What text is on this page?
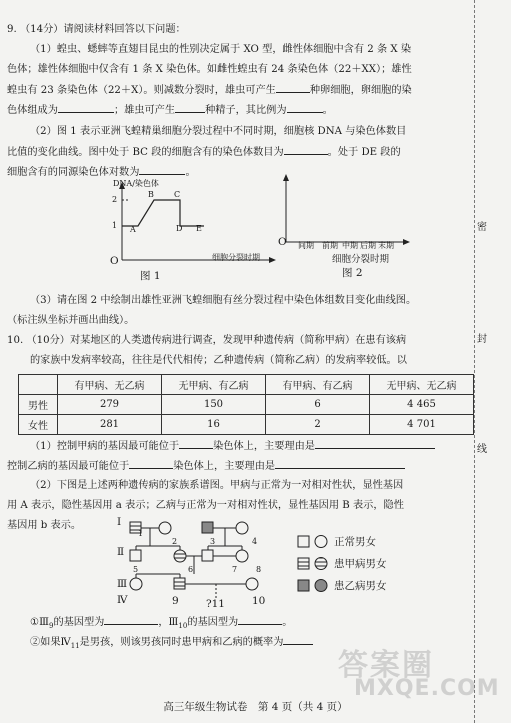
密
封
线
9. （14分）请阅读材料回答以下问题：
（1）蝗虫、蟋蟀等直翅目昆虫的性别决定属于 XO 型，雌性体细胞中含有 2 条 X 染
色体；雄性体细胞中仅含有 1 条 X 染色体。如雌性蝗虫有 24 条染色体（22＋XX）；雄性
蝗虫有 23 条染色体（22＋X）。则减数分裂时，雄虫可产生	种卵细胞，卵细胞的染
色体组成为	；雄虫可产生	种精子，其比例为	。
（2）图 1 表示亚洲飞蝗精巢细胞分裂过程中不同时期，细胞核 DNA 与染色体数目
比值的变化曲线。图中处于 BC 段的细胞含有的染色体数目为	。处于 DE 段的
细胞含有的同源染色体对数为	。
DNA/染色体
2
1
O
A
B	C
D E
细胞分裂时期
图 1
O 间期 前期 中期 后期 末期
细胞分裂时期
图 2
（3）请在图 2 中绘制出雄性亚洲飞蝗细胞有丝分裂过程中染色体组数目变化曲线图。
（标注纵坐标并画出曲线）。
10. （10分）对某地区的人类遗传病进行调查，发现甲种遗传病（简称甲病）在患有该病
的家族中发病率较高，往往是代代相传；乙种遗传病（简称乙病）的发病率较低。以
	有甲病、无乙病	无甲病、有乙病	有甲病、有乙病	无甲病、无乙病
男性	279	150	6	4 465
女性	281	16	2	4 701
（1）控制甲病的基因最可能位于	染色体上，主要理由是
控制乙病的基因最可能位于	染色体上，主要理由是
（2）下图是上述两种遗传病的家族系谱图。甲病与正常为一对相对性状，显性基因
用 A 表示，隐性基因用 a 表示；乙病与正常为一对相对性状，显性基因用 B 表示，隐性
基因用 b 表示。	Ⅰ
Ⅱ
Ⅲ
Ⅳ
1
2	3	4
5	6	7 8
9	10
?11
正常男女
患甲病男女
患乙病男女
$①Ⅲ_9$的基因型为	，$Ⅲ_{10}$的基因型为	。
②如果$Ⅳ_{11}$是男孩，则该男孩同时患甲病和乙病的概率为
答案圈
MXQE.COM
高三年级生物试卷　第 4 页（共 4 页）
